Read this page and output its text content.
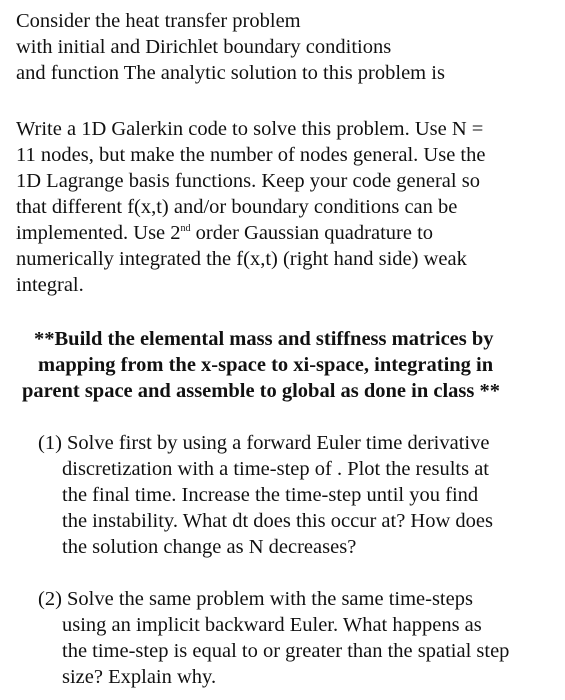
Consider the heat transfer problem
with initial and Dirichlet boundary conditions
and function The analytic solution to this problem is
Write a 1D Galerkin code to solve this problem. Use N =
11 nodes, but make the number of nodes general. Use the
1D Lagrange basis functions. Keep your code general so
that different f(x,t) and/or boundary conditions can be
implemented. Use 2nd order Gaussian quadrature to
numerically integrated the f(x,t) (right hand side) weak
integral.
**Build the elemental mass and stiffness matrices by
mapping from the x-space to xi-space, integrating in
parent space and assemble to global as done in class **
(1) Solve first by using a forward Euler time derivative
discretization with a time-step of . Plot the results at
the final time. Increase the time-step until you find
the instability. What dt does this occur at? How does
the solution change as N decreases?
(2) Solve the same problem with the same time-steps
using an implicit backward Euler. What happens as
the time-step is equal to or greater than the spatial step
size? Explain why.
